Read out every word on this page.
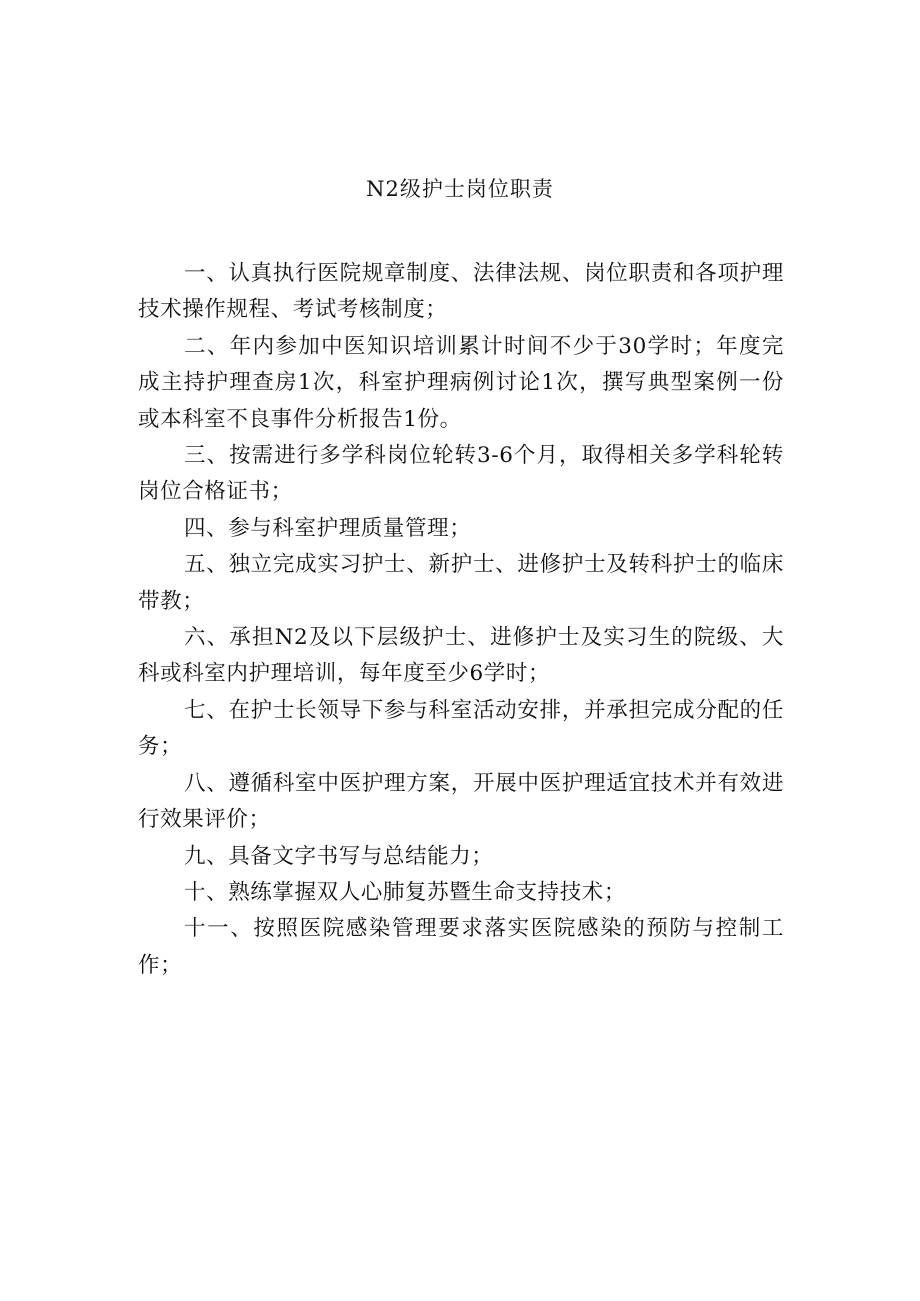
N2级护士岗位职责

一、认真执行医院规章制度、法律法规、岗位职责和各项护理技术操作规程、考试考核制度；

二、年内参加中医知识培训累计时间不少于30学时；年度完成主持护理查房1次，科室护理病例讨论1次，撰写典型案例一份或本科室不良事件分析报告1份。

三、按需进行多学科岗位轮转3-6个月，取得相关多学科轮转岗位合格证书；

四、参与科室护理质量管理；

五、独立完成实习护士、新护士、进修护士及转科护士的临床带教；

六、承担N2及以下层级护士、进修护士及实习生的院级、大科或科室内护理培训，每年度至少6学时；

七、在护士长领导下参与科室活动安排，并承担完成分配的任务；

八、遵循科室中医护理方案，开展中医护理适宜技术并有效进行效果评价；

九、具备文字书写与总结能力；

十、熟练掌握双人心肺复苏暨生命支持技术；

十一、按照医院感染管理要求落实医院感染的预防与控制工作；
